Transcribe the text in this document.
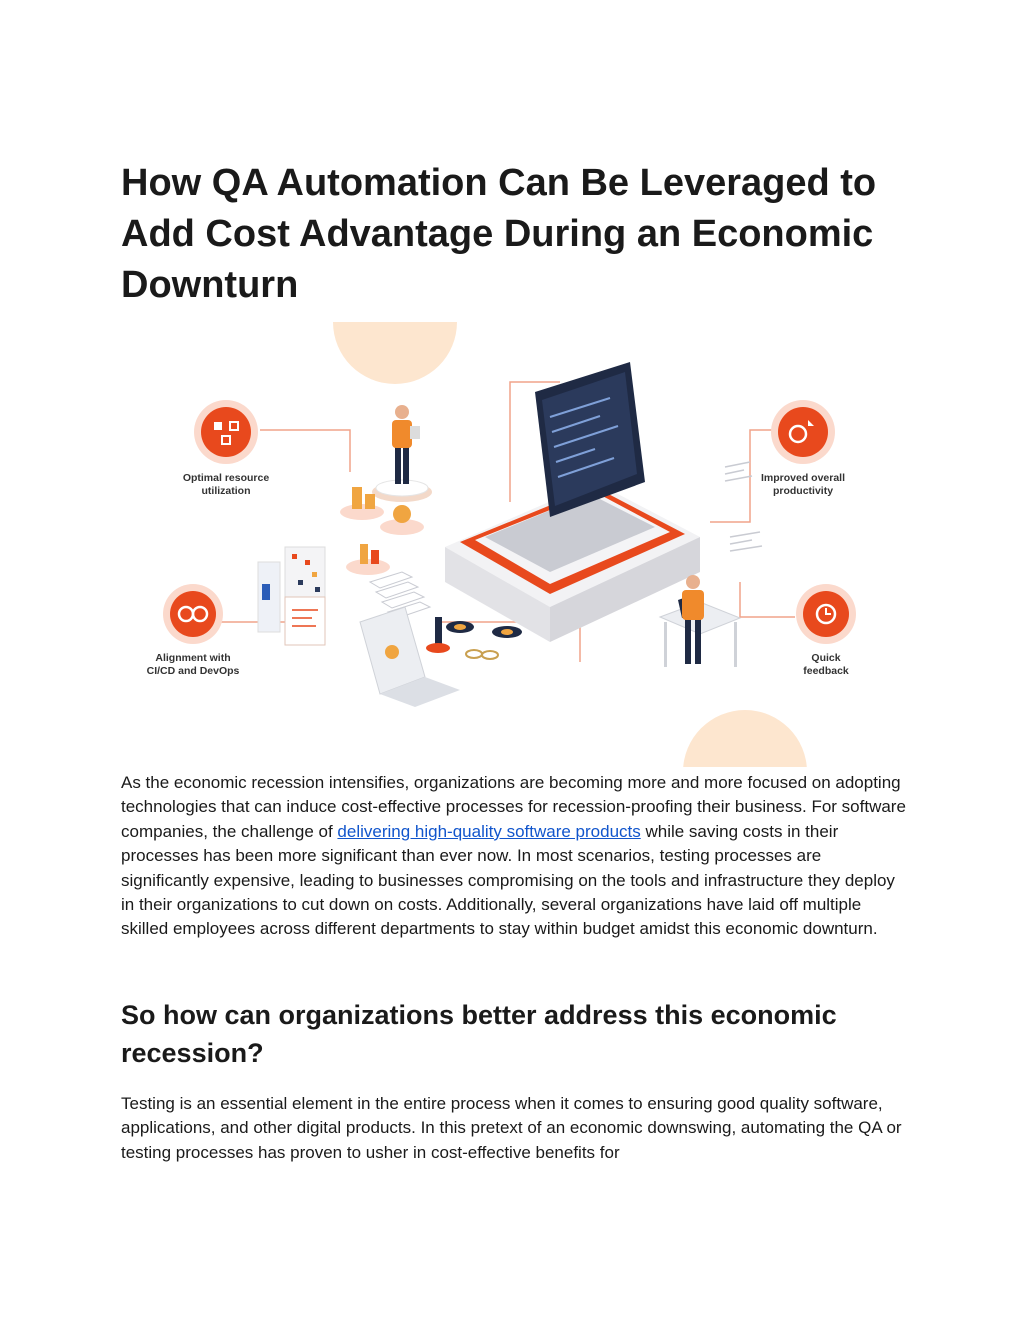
How QA Automation Can Be Leveraged to Add Cost Advantage During an Economic Downturn
Optimal resource
utilization
Improved overall
productivity
Alignment with
CI/CD and DevOps
Quick
feedback

As the economic recession intensifies, organizations are becoming more and more focused on adopting technologies that can induce cost-effective processes for recession-proofing their business. For software companies, the challenge of delivering high-quality software products while saving costs in their processes has been more significant than ever now. In most scenarios, testing processes are significantly expensive, leading to businesses compromising on the tools and infrastructure they deploy in their organizations to cut down on costs. Additionally, several organizations have laid off multiple skilled employees across different departments to stay within budget amidst this economic downturn.

So how can organizations better address this economic recession?

Testing is an essential element in the entire process when it comes to ensuring good quality software, applications, and other digital products. In this pretext of an economic downswing, automating the QA or testing processes has proven to usher in cost-effective benefits for
